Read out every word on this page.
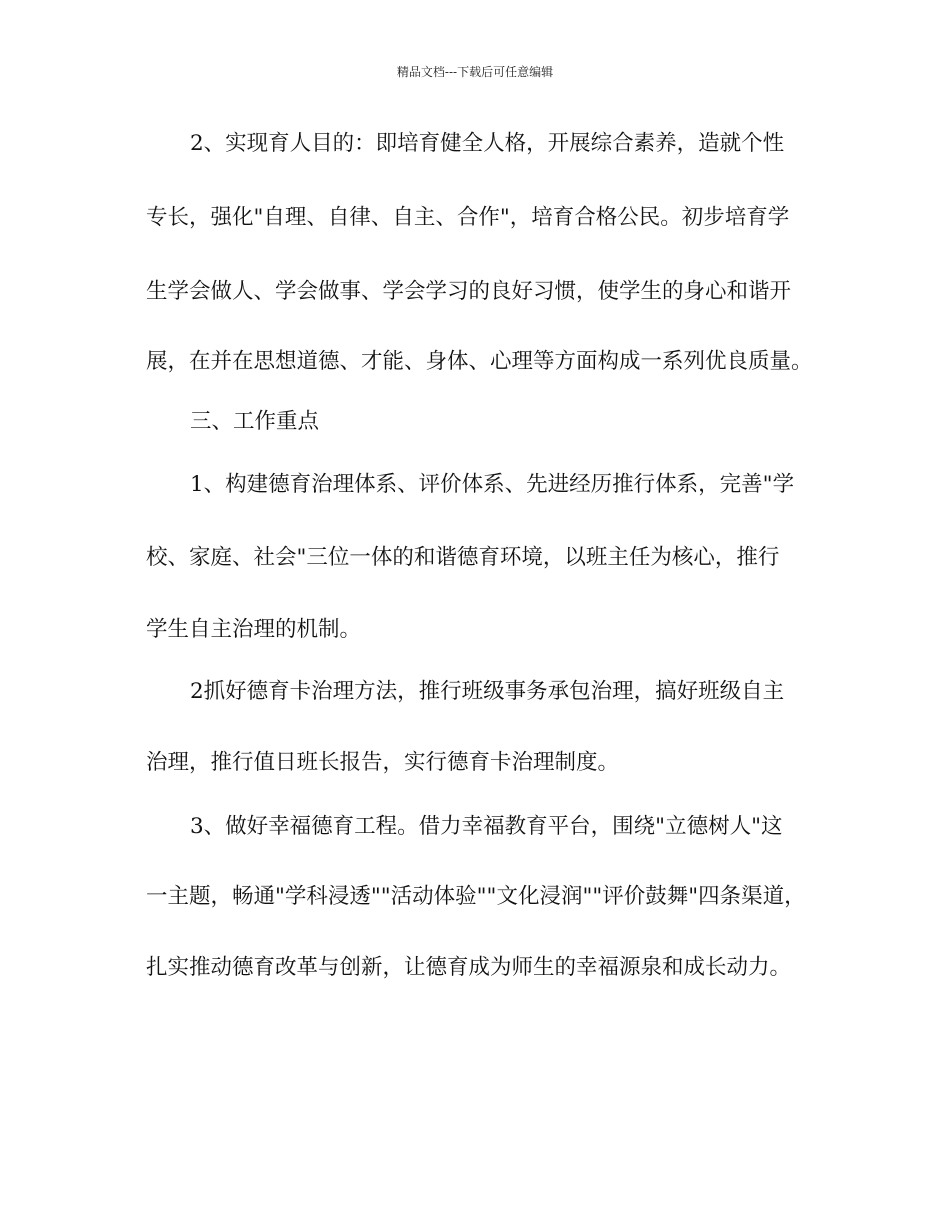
精品文档---下载后可任意编辑
2、实现育人目的：即培育健全人格，开展综合素养，造就个性
专长，强化"自理、自律、自主、合作"，培育合格公民。初步培育学
生学会做人、学会做事、学会学习的良好习惯，使学生的身心和谐开
展，在并在思想道德、才能、身体、心理等方面构成一系列优良质量。
三、工作重点
1、构建德育治理体系、评价体系、先进经历推行体系，完善"学
校、家庭、社会"三位一体的和谐德育环境，以班主任为核心，推行
学生自主治理的机制。
2抓好德育卡治理方法，推行班级事务承包治理，搞好班级自主
治理，推行值日班长报告，实行德育卡治理制度。
3、做好幸福德育工程。借力幸福教育平台，围绕"立德树人"这
一主题，畅通"学科浸透""活动体验""文化浸润""评价鼓舞"四条渠道，
扎实推动德育改革与创新，让德育成为师生的幸福源泉和成长动力。
